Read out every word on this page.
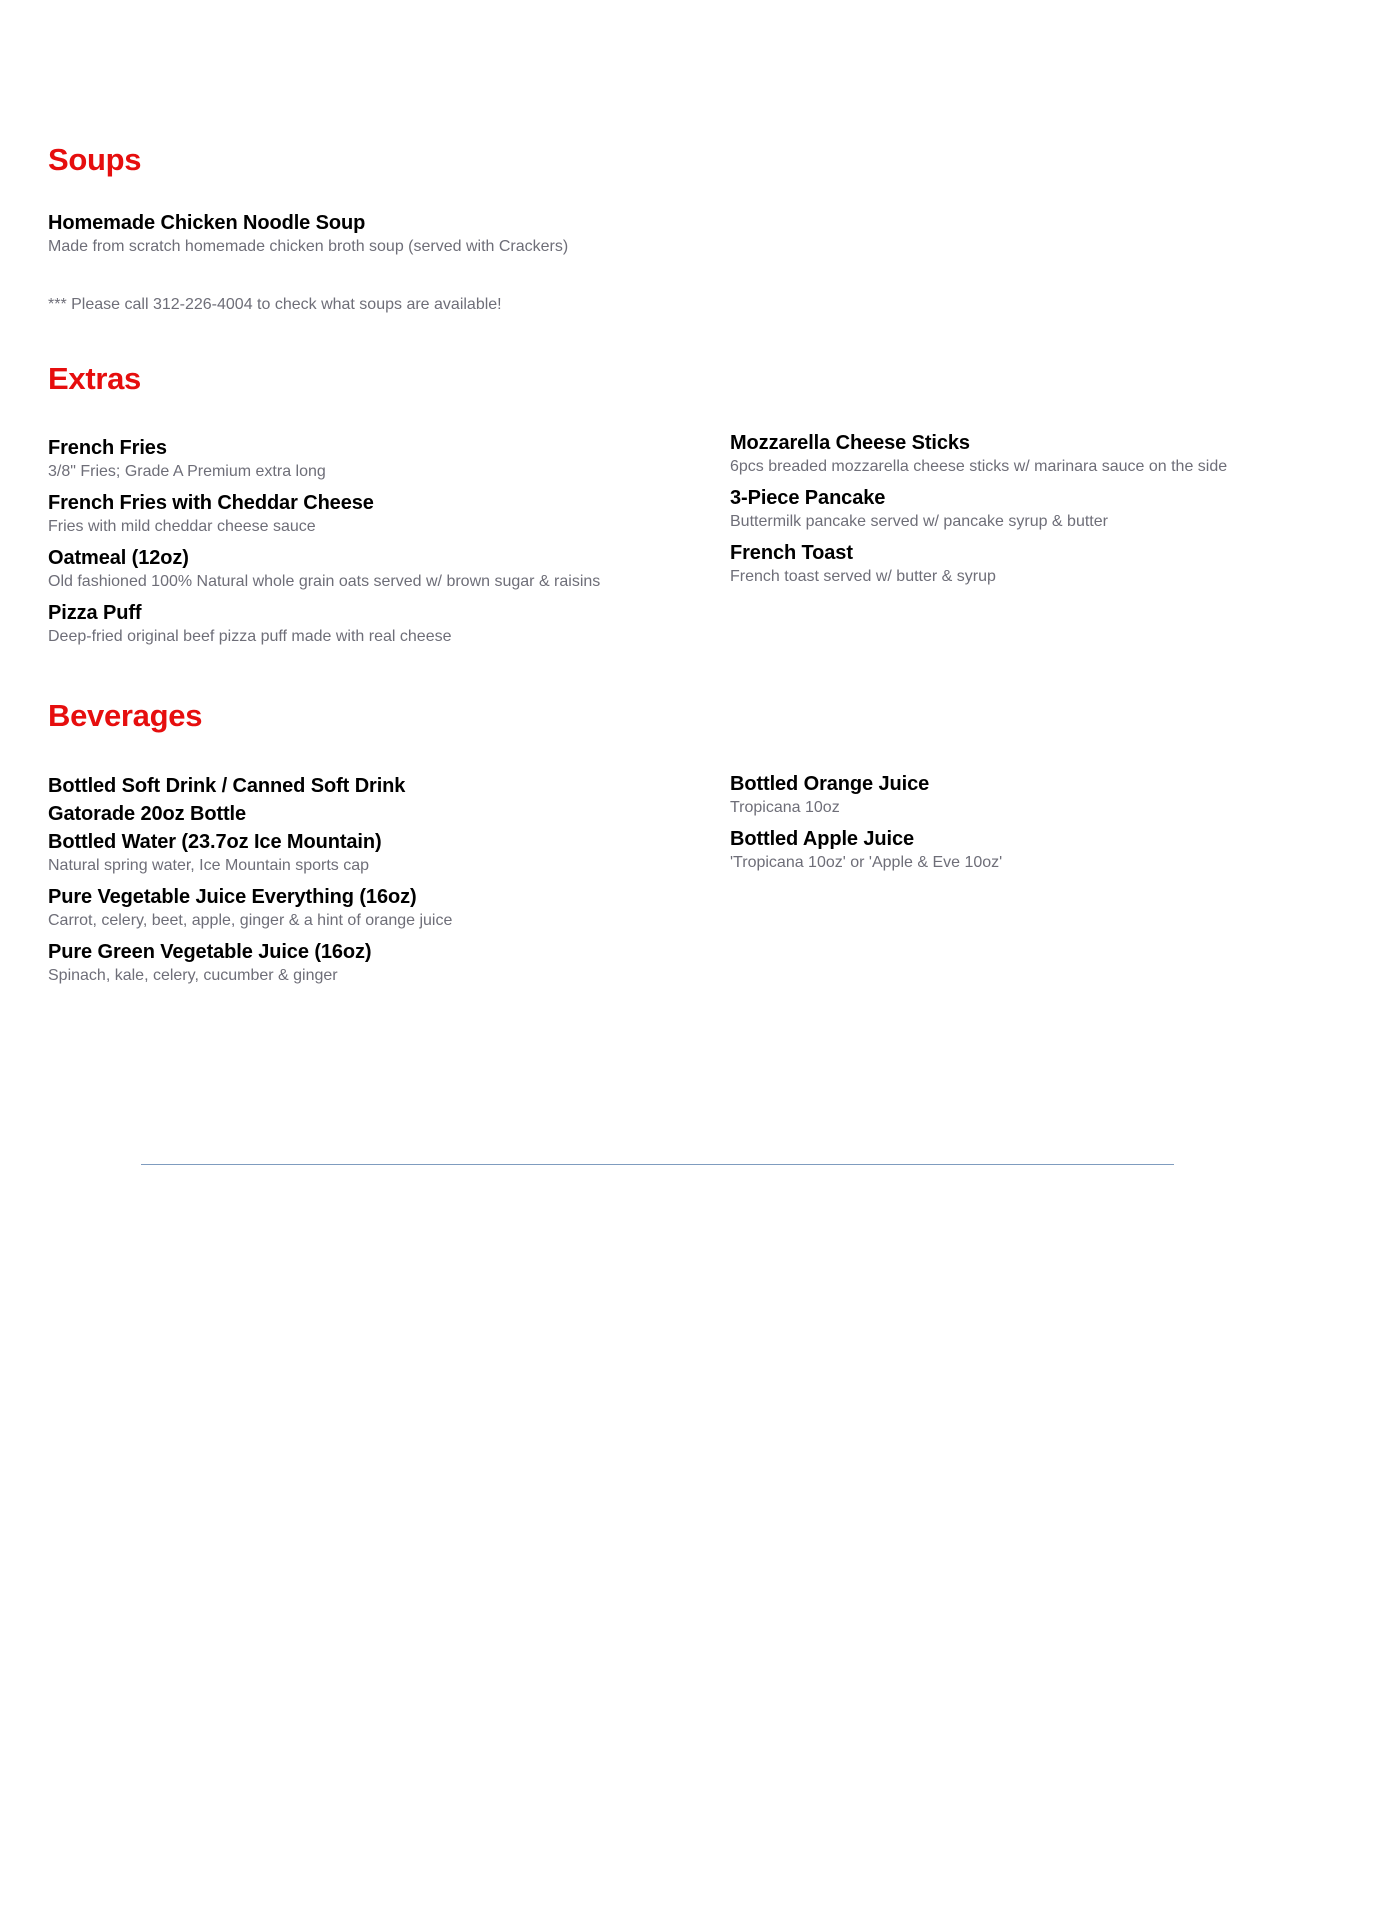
Soups
Homemade Chicken Noodle Soup
Made from scratch homemade chicken broth soup (served with Crackers)
*** Please call 312-226-4004 to check what soups are available!
Extras
French Fries
3/8" Fries; Grade A Premium extra long
French Fries with Cheddar Cheese
Fries with mild cheddar cheese sauce
Oatmeal (12oz)
Old fashioned 100% Natural whole grain oats served w/ brown sugar & raisins
Pizza Puff
Deep-fried original beef pizza puff made with real cheese
Mozzarella Cheese Sticks
6pcs breaded mozzarella cheese sticks w/ marinara sauce on the side
3-Piece Pancake
Buttermilk pancake served w/ pancake syrup & butter
French Toast
French toast served w/ butter & syrup
Beverages
Bottled Soft Drink / Canned Soft Drink
Gatorade 20oz Bottle
Bottled Water (23.7oz Ice Mountain)
Natural spring water, Ice Mountain sports cap
Pure Vegetable Juice Everything (16oz)
Carrot, celery, beet, apple, ginger & a hint of orange juice
Pure Green Vegetable Juice (16oz)
Spinach, kale, celery, cucumber & ginger
Bottled Orange Juice
Tropicana 10oz
Bottled Apple Juice
'Tropicana 10oz' or 'Apple & Eve 10oz'
